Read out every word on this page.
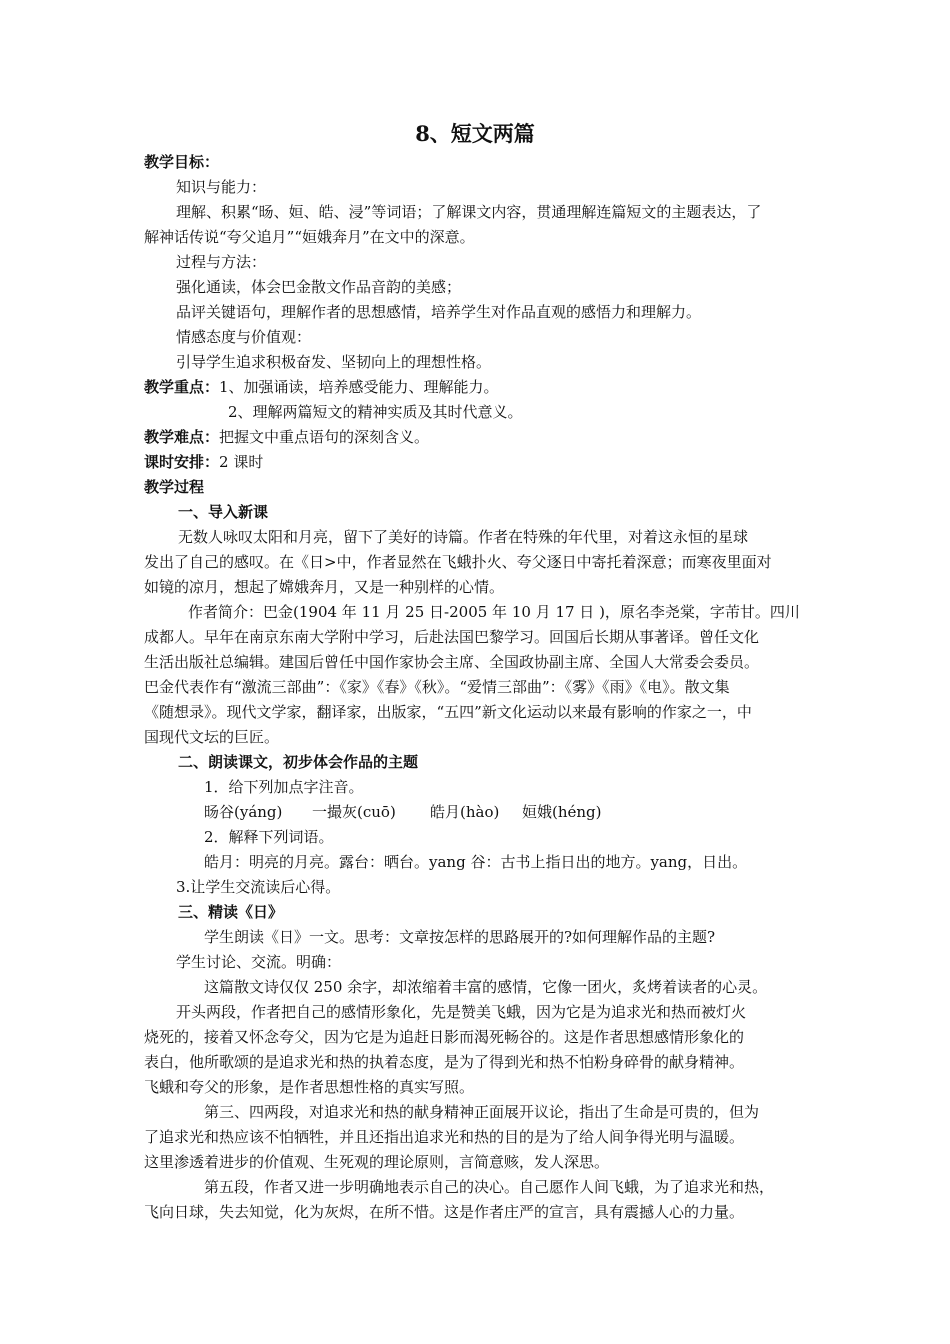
8、短文两篇
教学目标：
知识与能力：
理解、积累“旸、姮、皓、浸”等词语；了解课文内容，贯通理解连篇短文的主题表达，了
解神话传说“夸父追月”“姮娥奔月”在文中的深意。
过程与方法：
强化通读，体会巴金散文作品音韵的美感；
品评关键语句，理解作者的思想感情，培养学生对作品直观的感悟力和理解力。
情感态度与价值观：
引导学生追求积极奋发、坚韧向上的理想性格。
教学重点：1、加强诵读，培养感受能力、理解能力。
2、理解两篇短文的精神实质及其时代意义。
教学难点：把握文中重点语句的深刻含义。
课时安排：2 课时
教学过程
一、导入新课
无数人咏叹太阳和月亮，留下了美好的诗篇。作者在特殊的年代里，对着这永恒的星球
发出了自己的感叹。在《日>中，作者显然在飞蛾扑火、夸父逐日中寄托着深意；而寒夜里面对
如镜的凉月，想起了嫦娥奔月，又是一种别样的心情。
作者简介：巴金(1904 年 11 月 25 日-2005 年 10 月 17 日 )，原名李尧棠，字芾甘。四川
成都人。早年在南京东南大学附中学习，后赴法国巴黎学习。回国后长期从事著译。曾任文化
生活出版社总编辑。建国后曾任中国作家协会主席、全国政协副主席、全国人大常委会委员。
巴金代表作有“激流三部曲”：《家》《春》《秋》。“爱情三部曲”：《雾》《雨》《电》。散文集
《随想录》。现代文学家，翻译家，出版家，“五四”新文化运动以来最有影响的作家之一，中
国现代文坛的巨匠。
二、朗读课文，初步体会作品的主题
1．给下列加点字注音。
旸谷(yáng) 一撮灰(cuō) 皓月(hào) 姮娥(héng)
2．解释下列词语。
皓月：明亮的月亮。露台：晒台。yang 谷：古书上指日出的地方。yang，日出。
3.让学生交流读后心得。
三、精读《日》
学生朗读《日》一文。思考：文章按怎样的思路展开的?如何理解作品的主题?
学生讨论、交流。明确：
这篇散文诗仅仅 250 余字，却浓缩着丰富的感情，它像一团火，炙烤着读者的心灵。
开头两段，作者把自己的感情形象化，先是赞美飞蛾，因为它是为追求光和热而被灯火
烧死的，接着又怀念夸父，因为它是为追赶日影而渴死畅谷的。这是作者思想感情形象化的
表白，他所歌颂的是追求光和热的执着态度，是为了得到光和热不怕粉身碎骨的献身精神。
飞蛾和夸父的形象，是作者思想性格的真实写照。
第三、四两段，对追求光和热的献身精神正面展开议论，指出了生命是可贵的，但为
了追求光和热应该不怕牺牲，并且还指出追求光和热的目的是为了给人间争得光明与温暖。
这里渗透着进步的价值观、生死观的理论原则，言简意赅，发人深思。
第五段，作者又进一步明确地表示自己的决心。自己愿作人间飞蛾，为了追求光和热，
飞向日球，失去知觉，化为灰烬，在所不惜。这是作者庄严的宣言，具有震撼人心的力量。
